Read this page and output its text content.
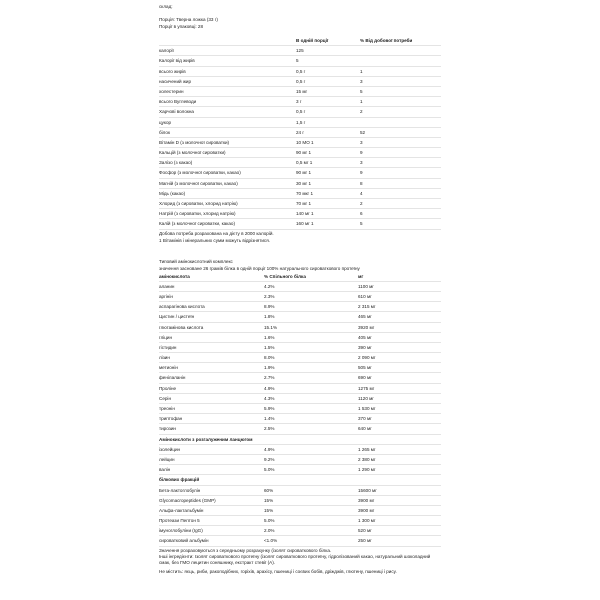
склад:
Порція: Тверна ложка (33 г)
Порції в упаковці: 28
В одній порції	% Від добової потреби
калорії	125
Калорії від жирів	5
всього жирів	0,5 г	1
насичений жир	0,5 г	3
холестерин	15 мг	5
всього Вуглеводи	3 г	1
Харчові волокна	0,5 г	2
цукор	1,5 г
білок	24 г	52
Вітамін D (з молочної сироватки)	10 МО 1	3
Кальцій (з молочної сироватки)	90 мг 1	9
Залізо (з какао)	0,5 мг 1	3
Фосфор (з молочної сироватки, какао)	90 мг 1	9
Магній (з молочної сироватки, какао)	30 мг 1	8
Мідь (какао)	70 мкг 1	4
Хлорид (з сироватки, хлорид натрію)	70 мг 1	2
Натрій (з сироватки, хлорид натрію)	140 мг 1	6
Калій (з молочної сироватки, какао)	160 мг 1	5
Добова потреба розрахована на дієту в 2000 калорій.
1 Вітамінів і мінеральних сумм можуть відрізнятися.
Типовий амінокислотний комплекс
значення засноване 26 грамів білка в одній порції 100% натурального сироваткового протеїну
амінокислота	% Спільного білка	мг
аланин	4.2%	1100 мг
аргінін	2.3%	610 мг
аспарагінова кислота	8.9%	2 315 мг
Цистин / цистеїн	1.8%	465 мг
глютамінова кислота	15.1%	3920 мг
гліцин	1.6%	405 мг
гістидин	1.5%	390 мг
лізин	8.0%	2 090 мг
метионін	1.9%	505 мг
фенілаланін	2.7%	690 мг
Проліне	4.9%	1275 мг
Серін	4.3%	1120 мг
треонін	5.9%	1 530 мг
триптофан	1.4%	370 мг
тирозин	2.5%	640 мг
Амінокислоти з розгалуженим ланцюгом
ізолейцин	4.9%	1 265 мг
лейцин	9.2%	2 380 мг
валін	5.0%	1 290 мг
білкових фракцій
Бета-лактоглобулін	60%	15600 мг
Glycomacropeptides (GMP)	15%	3900 мг
Альфа-лактальбумін	15%	3900 мг
Протеази Пептон 5	5.0%	1 300 мг
імуноглобуліни (IgG)	2.0%	520 мг
сироватковий альбумін	<1.0%	250 мг
Значення розраховуються з середньому розрахунку (ізолят сироваткового білка.
Інші інгредієнти: Ізолят сироваткового протеїну (ізолят сироваткового протеїну, гідролізований какао, натуральний шоколадний смак, без ГМО лецитин соняшнику, екстракт стевії (А).
Не містить: яєць, риби, ракоподібних, горіхів, арахісу, пшениці і соєвих бобів, дріжджів, глютену, пшениці і рису.
